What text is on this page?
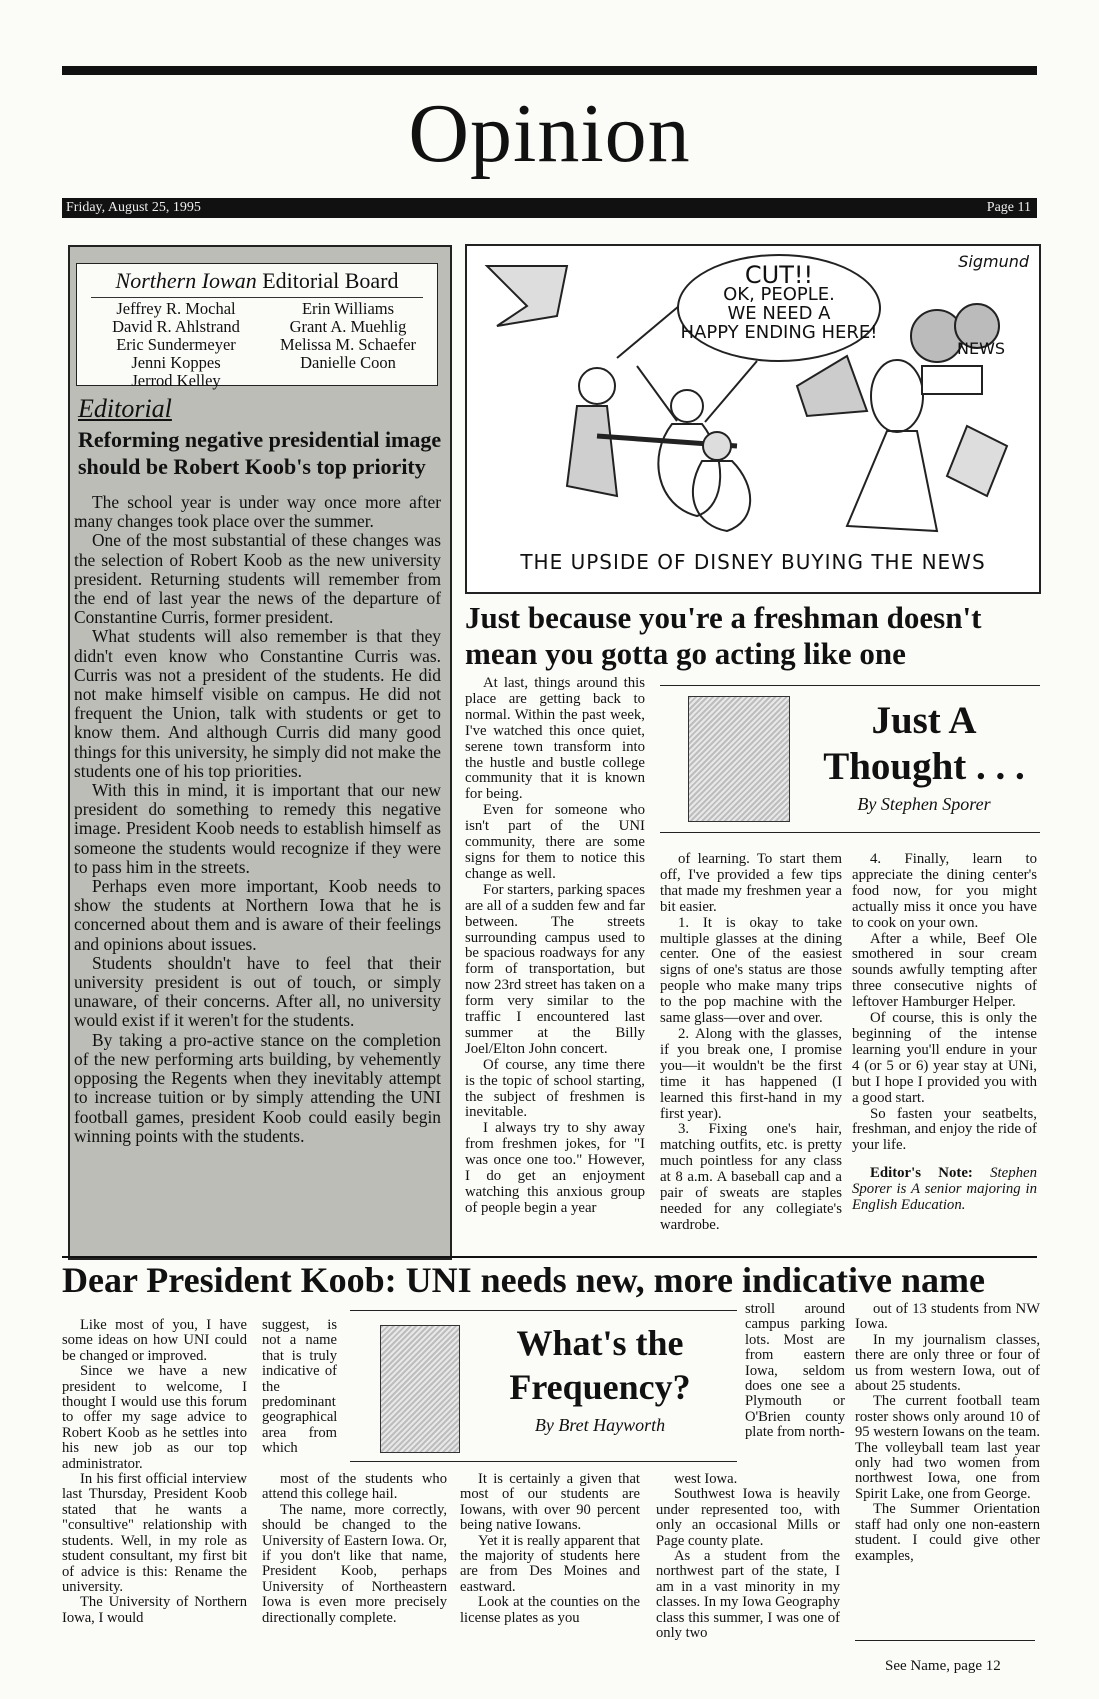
Opinion
Friday, August 25, 1995	Page 11
Northern Iowan Editorial Board
Jeffrey R. Mochal
David R. Ahlstrand
Eric Sundermeyer
Jenni Koppes
Jerrod Kelley
Erin Williams
Grant A. Muehlig
Melissa M. Schaefer
Danielle Coon
Editorial
Reforming negative presidential image should be Robert Koob's top priority

The school year is under way once more after many changes took place over the summer.

One of the most substantial of these changes was the selection of Robert Koob as the new university president. Returning students will remember from the end of last year the news of the departure of Constantine Curris, former president.

What students will also remember is that they didn't even know who Constantine Curris was. Curris was not a president of the students. He did not make himself visible on campus. He did not frequent the Union, talk with students or get to know them. And although Curris did many good things for this university, he simply did not make the students one of his top priorities.

With this in mind, it is important that our new president do something to remedy this negative image. President Koob needs to establish himself as someone the students would recognize if they were to pass him in the streets.

Perhaps even more important, Koob needs to show the students at Northern Iowa that he is concerned about them and is aware of their feelings and opinions about issues.

Students shouldn't have to feel that their university president is out of touch, or simply unaware, of their concerns. After all, no university would exist if it weren't for the students.

By taking a pro-active stance on the completion of the new performing arts building, by vehemently opposing the Regents when they inevitably attempt to increase tuition or by simply attending the UNI football games, president Koob could easily begin winning points with the students.

NEWS
CUT!!
OK, PEOPLE.
WE NEED A
HAPPY ENDING HERE!
Sigmund
THE UPSIDE OF DISNEY BUYING THE NEWS
Just because you're a freshman doesn't mean you gotta go acting like one

At last, things around this place are getting back to normal. Within the past week, I've watched this once quiet, serene town transform into the hustle and bustle college community that it is known for being.

Even for someone who isn't part of the UNI community, there are some signs for them to notice this change as well.

For starters, parking spaces are all of a sudden few and far between. The streets surrounding campus used to be spacious roadways for any form of transportation, but now 23rd street has taken on a form very similar to the traffic I encountered last summer at the Billy Joel/Elton John concert.

Of course, any time there is the topic of school starting, the subject of freshmen is inevitable.

I always try to shy away from freshmen jokes, for "I was once one too." However, I do get an enjoyment watching this anxious group of people begin a year

Just A Thought . . .
By Stephen Sporer

of learning. To start them off, I've provided a few tips that made my freshmen year a bit easier.

1. It is okay to take multiple glasses at the dining center. One of the easiest signs of one's status are those people who make many trips to the pop machine with the same glass—over and over.

2. Along with the glasses, if you break one, I promise you—it wouldn't be the first time it has happened (I learned this first-hand in my first year).

3. Fixing one's hair, matching outfits, etc. is pretty much pointless for any class at 8 a.m. A baseball cap and a pair of sweats are staples needed for any collegiate's wardrobe.

4. Finally, learn to appreciate the dining center's food now, for you might actually miss it once you have to cook on your own.

After a while, Beef Ole smothered in sour cream sounds awfully tempting after three consecutive nights of leftover Hamburger Helper.

Of course, this is only the beginning of the intense learning you'll endure in your 4 (or 5 or 6) year stay at UNi, but I hope I provided you with a good start.

So fasten your seatbelts, freshman, and enjoy the ride of your life.

Editor's Note: Stephen Sporer is A senior majoring in English Education.

Dear President Koob: UNI needs new, more indicative name

Like most of you, I have some ideas on how UNI could be changed or improved.

Since we have a new president to welcome, I thought I would use this forum to offer my sage advice to Robert Koob as he settles into his new job as our top administrator.

In his first official interview last Thursday, President Koob stated that he wants a "consultive" relationship with students. Well, in my role as student consultant, my first bit of advice is this: Rename the university.

The University of Northern Iowa, I would

suggest, is not a name that is truly indicative of the predominant geographical area from which

What's the Frequency?
By Bret Hayworth

stroll around campus parking lots. Most are from eastern Iowa, seldom does one see a Plymouth or O'Brien county plate from north-

most of the students who attend this college hail.

The name, more correctly, should be changed to the University of Eastern Iowa. Or, if you don't like that name, President Koob, perhaps University of Northeastern Iowa is even more precisely directionally complete.

It is certainly a given that most of our students are Iowans, with over 90 percent being native Iowans.

Yet it is really apparent that the majority of students here are from Des Moines and eastward.

Look at the counties on the license plates as you

west Iowa.

Southwest Iowa is heavily under represented too, with only an occasional Mills or Page county plate.

As a student from the northwest part of the state, I am in a vast minority in my classes. In my Iowa Geography class this summer, I was one of only two

out of 13 students from NW Iowa.

In my journalism classes, there are only three or four of us from western Iowa, out of about 25 students.

The current football team roster shows only around 10 of 95 western Iowans on the team. The volleyball team last year only had two women from northwest Iowa, one from Spirit Lake, one from George.

The Summer Orientation staff had only one non-eastern student. I could give other examples,

See Name, page 12
